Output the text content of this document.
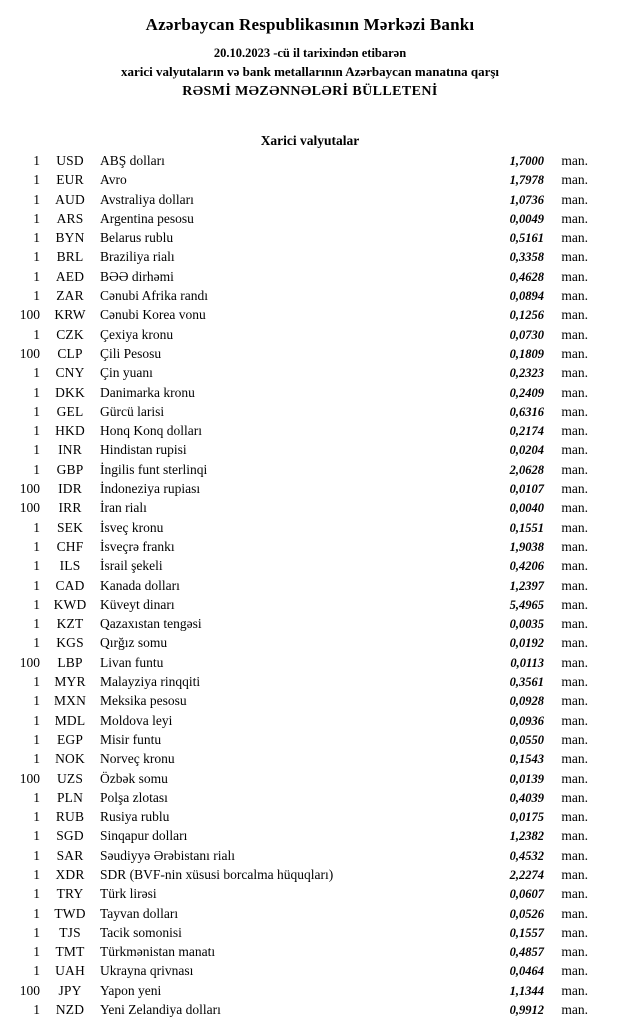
Azərbaycan Respublikasının Mərkəzi Bankı
20.10.2023 -cü il tarixindən etibarən
xarici valyutaların və bank metallarının Azərbaycan manatına qarşı
RƏSMİ MƏZƏNNƏLƏRİ BÜLLETENİ
Xarici valyutalar
1	USD	ABŞ dolları	1,7000	man.
1	EUR	Avro	1,7978	man.
1	AUD	Avstraliya dolları	1,0736	man.
1	ARS	Argentina pesosu	0,0049	man.
1	BYN	Belarus rublu	0,5161	man.
1	BRL	Braziliya rialı	0,3358	man.
1	AED	BƏƏ dirhəmi	0,4628	man.
1	ZAR	Cənubi Afrika randı	0,0894	man.
100	KRW	Cənubi Korea vonu	0,1256	man.
1	CZK	Çexiya kronu	0,0730	man.
100	CLP	Çili Pesosu	0,1809	man.
1	CNY	Çin yuanı	0,2323	man.
1	DKK	Danimarka kronu	0,2409	man.
1	GEL	Gürcü larisi	0,6316	man.
1	HKD	Honq Konq dolları	0,2174	man.
1	INR	Hindistan rupisi	0,0204	man.
1	GBP	İngilis funt sterlinqi	2,0628	man.
100	IDR	İndoneziya rupiası	0,0107	man.
100	IRR	İran rialı	0,0040	man.
1	SEK	İsveç kronu	0,1551	man.
1	CHF	İsveçrə frankı	1,9038	man.
1	ILS	İsrail şekeli	0,4206	man.
1	CAD	Kanada dolları	1,2397	man.
1	KWD	Küveyt dinarı	5,4965	man.
1	KZT	Qazaxıstan tengəsi	0,0035	man.
1	KGS	Qırğız somu	0,0192	man.
100	LBP	Livan funtu	0,0113	man.
1	MYR	Malayziya rinqqiti	0,3561	man.
1	MXN	Meksika pesosu	0,0928	man.
1	MDL	Moldova leyi	0,0936	man.
1	EGP	Misir funtu	0,0550	man.
1	NOK	Norveç kronu	0,1543	man.
100	UZS	Özbək somu	0,0139	man.
1	PLN	Polşa zlotası	0,4039	man.
1	RUB	Rusiya rublu	0,0175	man.
1	SGD	Sinqapur dolları	1,2382	man.
1	SAR	Səudiyyə Ərəbistanı rialı	0,4532	man.
1	XDR	SDR (BVF-nin xüsusi borcalma hüquqları)	2,2274	man.
1	TRY	Türk lirəsi	0,0607	man.
1	TWD	Tayvan dolları	0,0526	man.
1	TJS	Tacik somonisi	0,1557	man.
1	TMT	Türkmənistan manatı	0,4857	man.
1	UAH	Ukrayna qrivnası	0,0464	man.
100	JPY	Yapon yeni	1,1344	man.
1	NZD	Yeni Zelandiya dolları	0,9912	man.
